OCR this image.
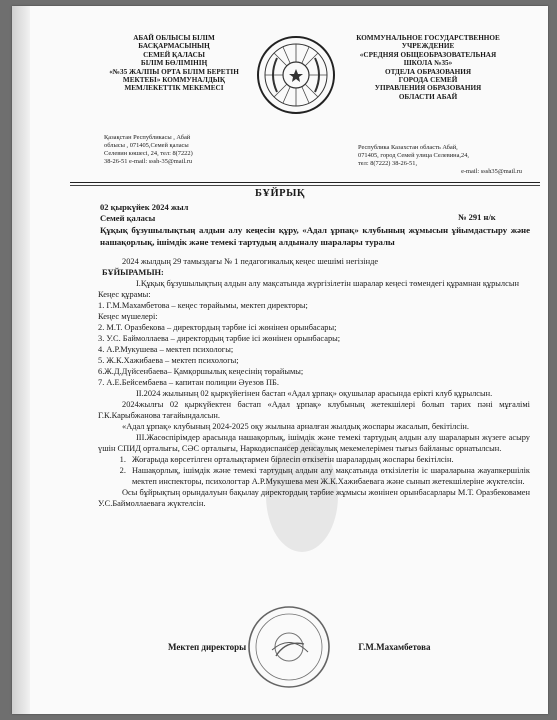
АБАЙ ОБЛЫСЫ БІЛІМ
БАСҚАРМАСЫНЫҢ
СЕМЕЙ ҚАЛАСЫ
БІЛІМ БӨЛІМІНІҢ
«№35 ЖАЛПЫ ОРТА БІЛІМ БЕРЕТІН
МЕКТЕБІ» КОММУНАЛДЫҚ
МЕМЛЕКЕТТІК МЕКЕМЕСІ
КОММУНАЛЬНОЕ ГОСУДАРСТВЕННОЕ
УЧРЕЖДЕНИЕ
«СРЕДНЯЯ ОБЩЕОБРАЗОВАТЕЛЬНАЯ
ШКОЛА №35»
ОТДЕЛА ОБРАЗОВАНИЯ
ГОРОДА СЕМЕЙ
УПРАВЛЕНИЯ ОБРАЗОВАНИЯ
ОБЛАСТИ АБАЙ
Қазақстан Республикасы , Абай
облысы , 071405,Семей қаласы
Селевин көшесі, 24, тел: 8(7222)
38-26-51 e-mail: sssh-35@mail.ru
Республика Казахстан область Абай,
071405, город Семей улица Селевина,24,
тел: 8(7222) 38-26-51,
e-mail: sssh35@mail.ru
БҰЙРЫҚ
02 қыркүйек 2024 жыл
Семей қаласы	№ 291 н/к
Құқық бұзушылықтың алдын алу кеңесін құру, «Адал ұрпақ» клубының жұмысын ұйымдастыру және нашақорлық, ішімдік және темекі тартудың алдыналу шаралары туралы

2024 жылдың 29 тамыздағы № 1 педагогикалық кеңес шешімі негізінде

БҰЙЫРАМЫН:

І.Құқық бұзушылықтың алдын алу мақсатында жүргізілетін шаралар кеңесі төмендегі құрамнан құрылсын

Кеңес құрамы:

1. Г.М.Махамбетова – кеңес төрайымы, мектеп директоры;

Кеңес мүшелері:

2. М.Т. Оразбекова – директордың тәрбие ісі жөнінен орынбасары;

3. У.С. Баймоллаева – директордың тәрбие ісі жөнінен орынбасары;

4. А.Р.Мукушева – мектеп психологы;

5. Ж.К.Хажибаева – мектеп психологы;

6.Ж.Д.Дүйсенбаева– Қамқоршылық кеңесінің төрайымы;

7. А.Е.Бейсембаева – капитан полиции Әуезов ПБ.

ІІ.2024 жылының 02 қыркүйегінен бастап «Адал ұрпақ» оқушылар арасында ерікті клуб құрылсын.

2024жылғы 02 қыркүйектен бастап «Адал ұрпақ» клубының жетекшілері болып тарих пәні мұғалімі Г.К.Карыбжанова тағайындалсын.

«Адал ұрпақ» клубының 2024-2025 оқу жылына арналған жылдық жоспары жасалып, бекітілсін.

ІІІ.Жасөспірімдер арасында нашақорлық, ішімдік және темекі тартудың алдын алу шараларын жүзеге асыру үшін СПИД орталығы, СӘС орталығы, Наркодиспансер денсаулық мекемелерімен тығыз байланыс орнатылсын.

1. Жоғарыда көрсетілген орталықтармен бірлесіп өткізетін шаралардың жоспары бекітілсін.
2. Нашақорлық, ішімдік және темекі тартудың алдын алу мақсатында өткізілетін іс шараларына жауапкершілік мектеп инспекторы, психологтар А.Р.Мукушева мен Ж.К.Хажибаевага және сынып жетекшілеріне жүктелсін.

Осы бұйрықтың орындалуын бақылау директордың тәрбие жұмысы жөнінен орынбасарлары М.Т. Оразбековамен У.С.Баймоллаеваға жүктелсін.

Мектеп директоры	Г.М.Махамбетова
